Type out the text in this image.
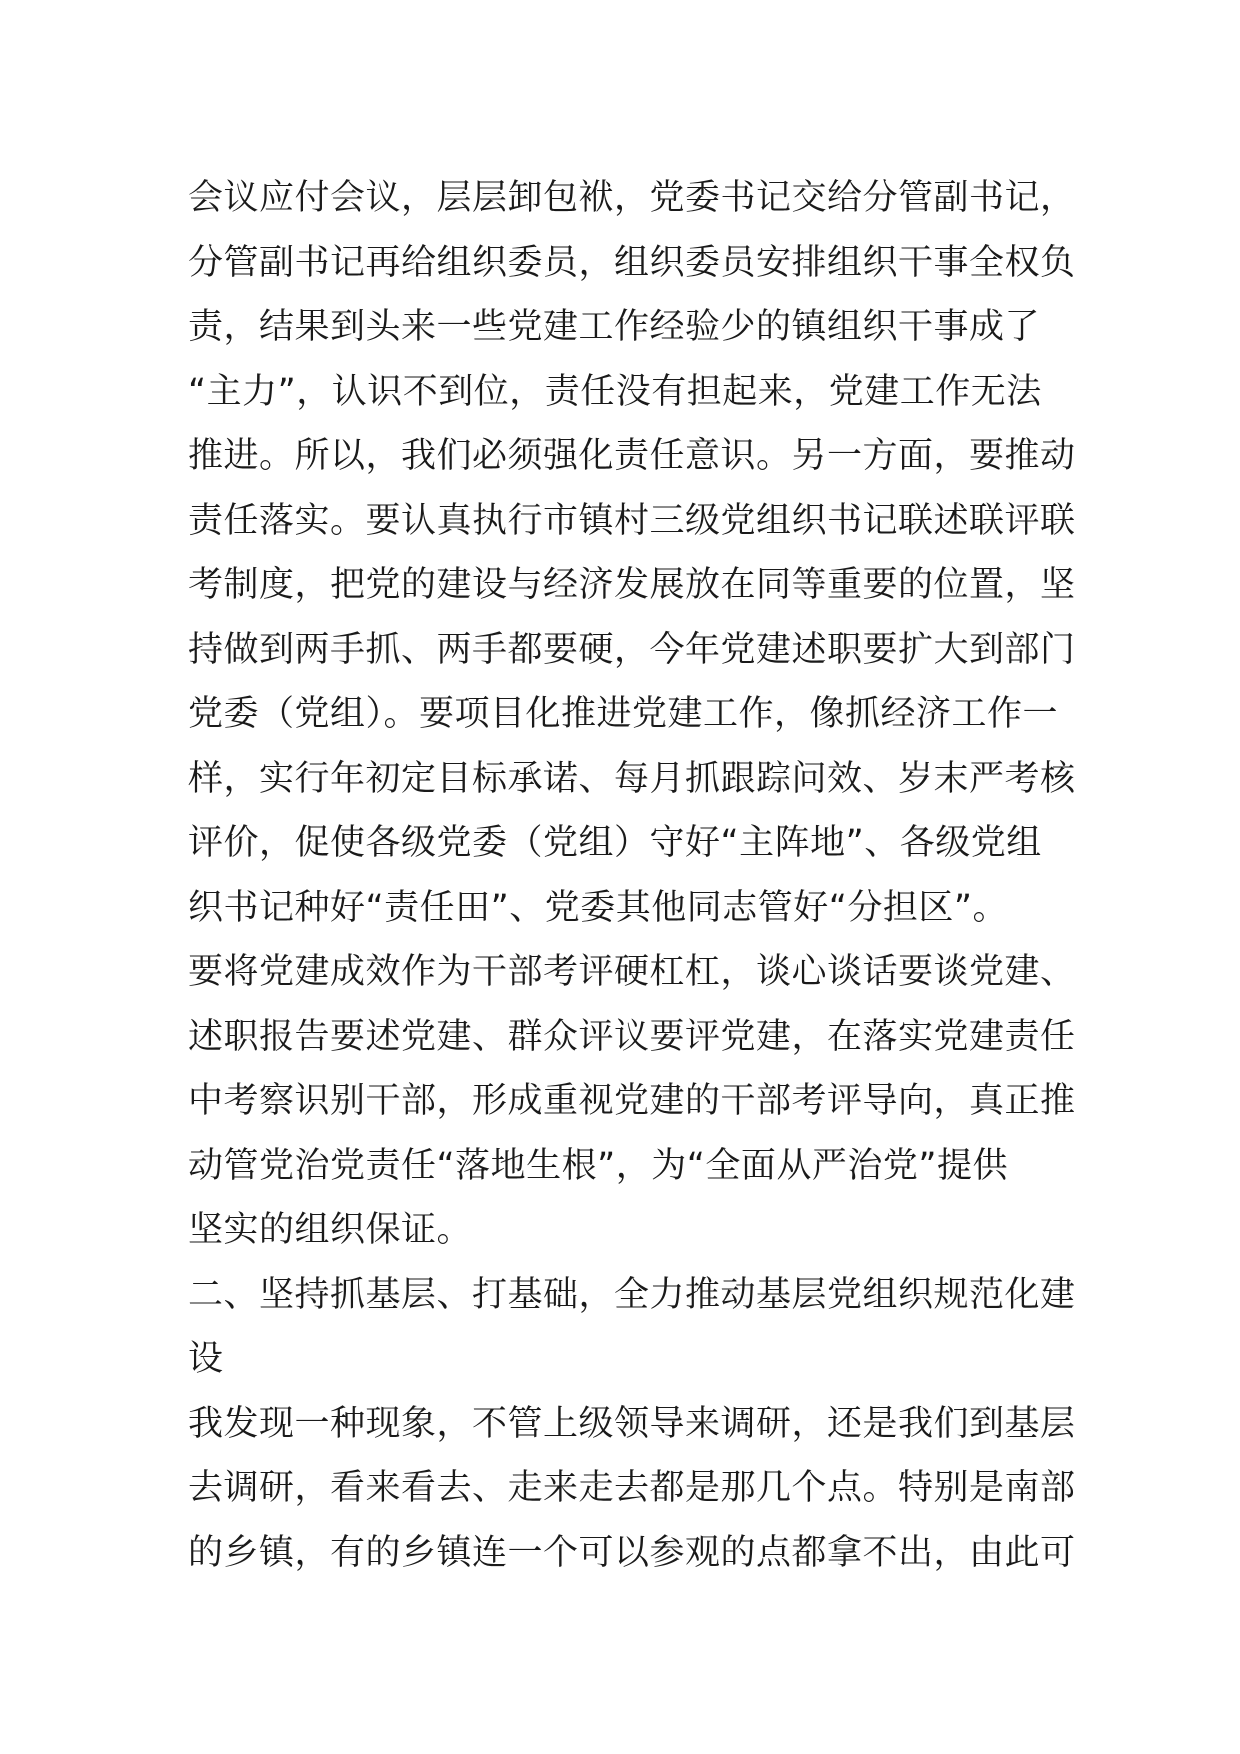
会议应付会议，层层卸包袱，党委书记交给分管副书记，
分管副书记再给组织委员，组织委员安排组织干事全权负
责，结果到头来一些党建工作经验少的镇组织干事成了
“主力”，认识不到位，责任没有担起来，党建工作无法
推进。所以，我们必须强化责任意识。另一方面，要推动
责任落实。要认真执行市镇村三级党组织书记联述联评联
考制度，把党的建设与经济发展放在同等重要的位置，坚
持做到两手抓、两手都要硬，今年党建述职要扩大到部门
党委（党组）。要项目化推进党建工作，像抓经济工作一
样，实行年初定目标承诺、每月抓跟踪问效、岁末严考核
评价，促使各级党委（党组）守好“主阵地”、各级党组
织书记种好“责任田”、党委其他同志管好“分担区”。
要将党建成效作为干部考评硬杠杠，谈心谈话要谈党建、
述职报告要述党建、群众评议要评党建，在落实党建责任
中考察识别干部，形成重视党建的干部考评导向，真正推
动管党治党责任“落地生根”，为“全面从严治党”提供
坚实的组织保证。
二、坚持抓基层、打基础，全力推动基层党组织规范化建
设
我发现一种现象，不管上级领导来调研，还是我们到基层
去调研，看来看去、走来走去都是那几个点。特别是南部
的乡镇，有的乡镇连一个可以参观的点都拿不出，由此可
